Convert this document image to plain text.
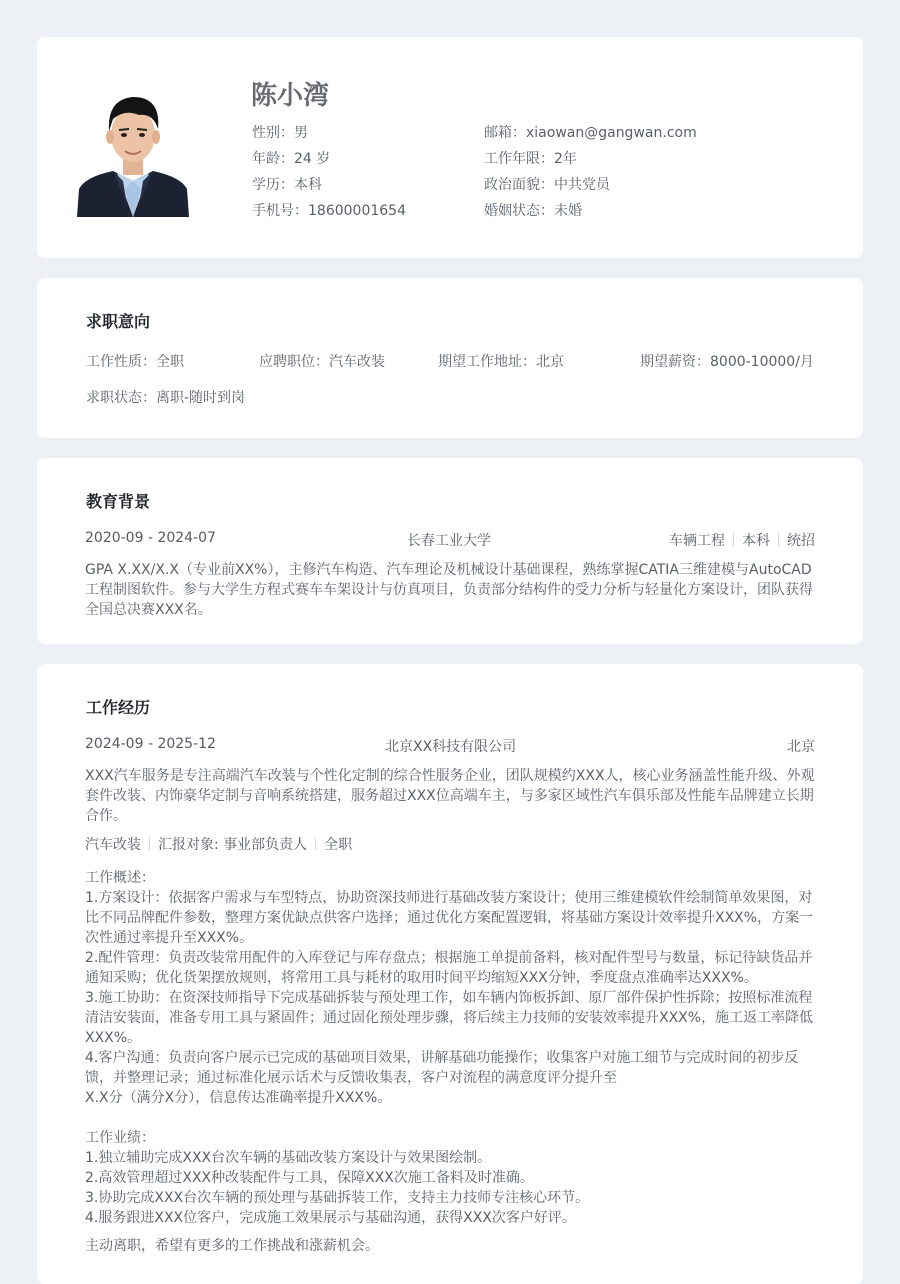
陈小湾
性别：男
年龄：24 岁
学历：本科
手机号：18600001654
邮箱：xiaowan@gangwan.com
工作年限：2年
政治面貌：中共党员
婚姻状态：未婚
求职意向
工作性质：全职	应聘职位：汽车改装	期望工作地址：北京	期望薪资：8000-10000/月
求职状态：离职-随时到岗
教育背景
2020-09 - 2024-07	长春工业大学	车辆工程 本科 统招
GPA X.XX/X.X（专业前XX%），主修汽车构造、汽车理论及机械设计基础课程，熟练掌握CATIA三维建模与AutoCAD
工程制图软件。参与大学生方程式赛车车架设计与仿真项目，负责部分结构件的受力分析与轻量化方案设计，团队获得
全国总决赛XXX名。
工作经历
2024-09 - 2025-12	北京XX科技有限公司	北京
XXX汽车服务是专注高端汽车改装与个性化定制的综合性服务企业，团队规模约XXX人，核心业务涵盖性能升级、外观
套件改装、内饰豪华定制与音响系统搭建，服务超过XXX位高端车主，与多家区域性汽车俱乐部及性能车品牌建立长期
合作。
汽车改装 汇报对象: 事业部负责人 全职
工作概述：
1.方案设计：依据客户需求与车型特点，协助资深技师进行基础改装方案设计；使用三维建模软件绘制简单效果图，对
比不同品牌配件参数，整理方案优缺点供客户选择；通过优化方案配置逻辑，将基础方案设计效率提升XXX%，方案一
次性通过率提升至XXX%。
2.配件管理：负责改装常用配件的入库登记与库存盘点；根据施工单提前备料，核对配件型号与数量，标记待缺货品并
通知采购；优化货架摆放规则，将常用工具与耗材的取用时间平均缩短XXX分钟，季度盘点准确率达XXX%。
3.施工协助：在资深技师指导下完成基础拆装与预处理工作，如车辆内饰板拆卸、原厂部件保护性拆除；按照标准流程
清洁安装面，准备专用工具与紧固件；通过固化预处理步骤，将后续主力技师的安装效率提升XXX%，施工返工率降低
XXX%。
4.客户沟通：负责向客户展示已完成的基础项目效果，讲解基础功能操作；收集客户对施工细节与完成时间的初步反
馈，并整理记录；通过标准化展示话术与反馈收集表，客户对流程的满意度评分提升至
X.X分（满分X分），信息传达准确率提升XXX%。
工作业绩：
1.独立辅助完成XXX台次车辆的基础改装方案设计与效果图绘制。
2.高效管理超过XXX种改装配件与工具，保障XXX次施工备料及时准确。
3.协助完成XXX台次车辆的预处理与基础拆装工作，支持主力技师专注核心环节。
4.服务跟进XXX位客户，完成施工效果展示与基础沟通，获得XXX次客户好评。
主动离职，希望有更多的工作挑战和涨薪机会。
